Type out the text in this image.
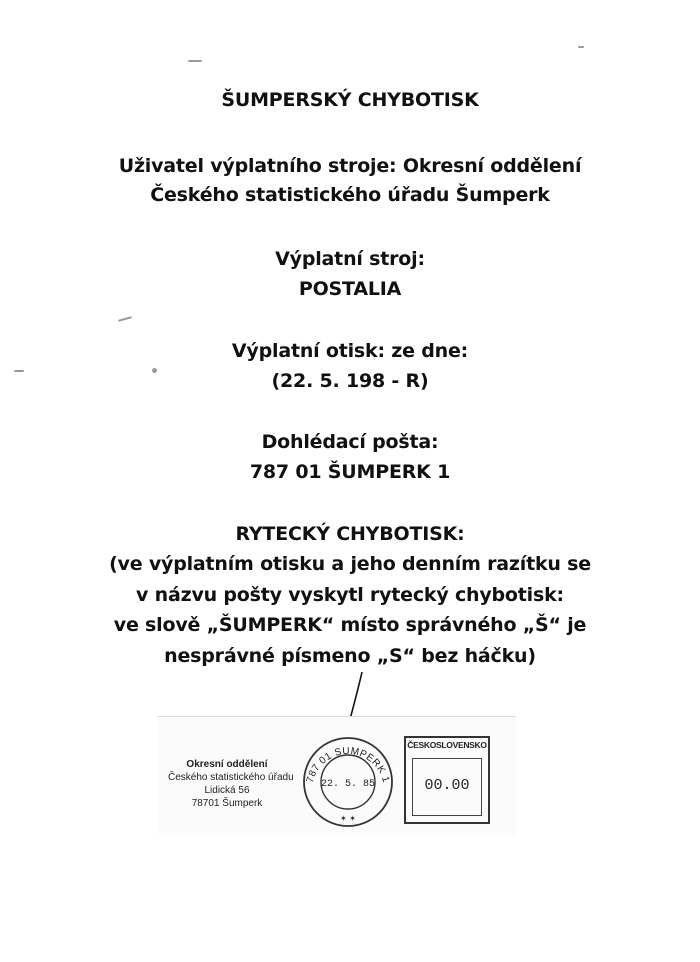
ŠUMPERSKÝ CHYBOTISK
Uživatel výplatního stroje: Okresní oddělení
Českého statistického úřadu Šumperk
Výplatní stroj:
POSTALIA
Výplatní otisk: ze dne:
(22. 5. 198 - R)
Dohlédací pošta:
787 01 ŠUMPERK 1
RYTECKÝ CHYBOTISK:
(ve výplatním otisku a jeho denním razítku se
v názvu pošty vyskytl rytecký chybotisk:
ve slově „ŠUMPERK“ místo správného „Š“ je
nesprávné písmeno „S“ bez háčku)
Okresní oddělení
Českého statistického úřadu
Lidická 56
78701 Šumperk
787 01 SUMPERK 1
22. 5. 85
✶ ✶
ČESKOSLOVENSKO
00.00
